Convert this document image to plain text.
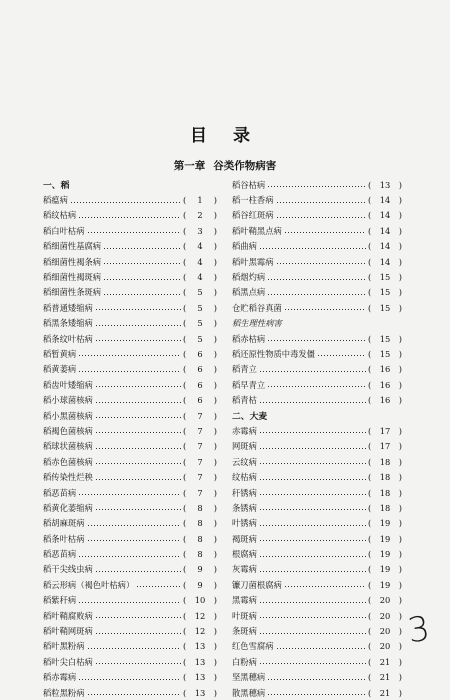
目 录
第一章 谷类作物病害
一、稻
稻瘟病	( 1 )
稻纹枯病	( 2 )
稻白叶枯病	( 3 )
稻细菌性基腐病	( 4 )
稻细菌性褐条病	( 4 )
稻细菌性褐斑病	( 4 )
稻细菌性条斑病	( 5 )
稻普通矮缩病	( 5 )
稻黑条矮缩病	( 5 )
稻条纹叶枯病	( 5 )
稻暂黄病	( 6 )
稻黄萎病	( 6 )
稻齿叶矮缩病	( 6 )
稻小球菌核病	( 6 )
稻小黑菌核病	( 7 )
稻褐色菌核病	( 7 )
稻球状菌核病	( 7 )
稻赤色菌核病	( 7 )
稻传染性烂秧	( 7 )
稻恶苗病	( 7 )
稻黄化萎缩病	( 8 )
稻胡麻斑病	( 8 )
稻条叶枯病	( 8 )
稻恶苗病	( 8 )
稻干尖线虫病	( 9 )
稻云形病（褐色叶枯病）	( 9 )
稻紫秆病	( 10 )
稻叶鞘腐败病	( 12 )
稻叶鞘网斑病	( 12 )
稻叶黑粉病	( 13 )
稻叶尖白枯病	( 13 )
稻赤霉病	( 13 )
稻粒黑粉病	( 13 )
稻谷枯病	( 13 )
稻一柱香病	( 14 )
稻谷红斑病	( 14 )
稻叶鞘黑点病	( 14 )
稻曲病	( 14 )
稻叶黑霉病	( 14 )
稻烟灼病	( 15 )
稻黑点病	( 15 )
仓贮稻谷真菌	( 15 )
稻生理性病害
稻赤枯病	( 15 )
稻还原性物质中毒发僵	( 15 )
稻青立	( 16 )
稻早青立	( 16 )
稻青枯	( 16 )
二、大麦
赤霉病	( 17 )
网斑病	( 17 )
云纹病	( 18 )
纹枯病	( 18 )
秆锈病	( 18 )
条锈病	( 18 )
叶锈病	( 19 )
褐斑病	( 19 )
根腐病	( 19 )
灰霉病	( 19 )
镰刀菌根腐病	( 19 )
黑霉病	( 20 )
叶斑病	( 20 )
条斑病	( 20 )
红色雪腐病	( 20 )
白粉病	( 21 )
坚黑穗病	( 21 )
散黑穗病	( 21 )
3
